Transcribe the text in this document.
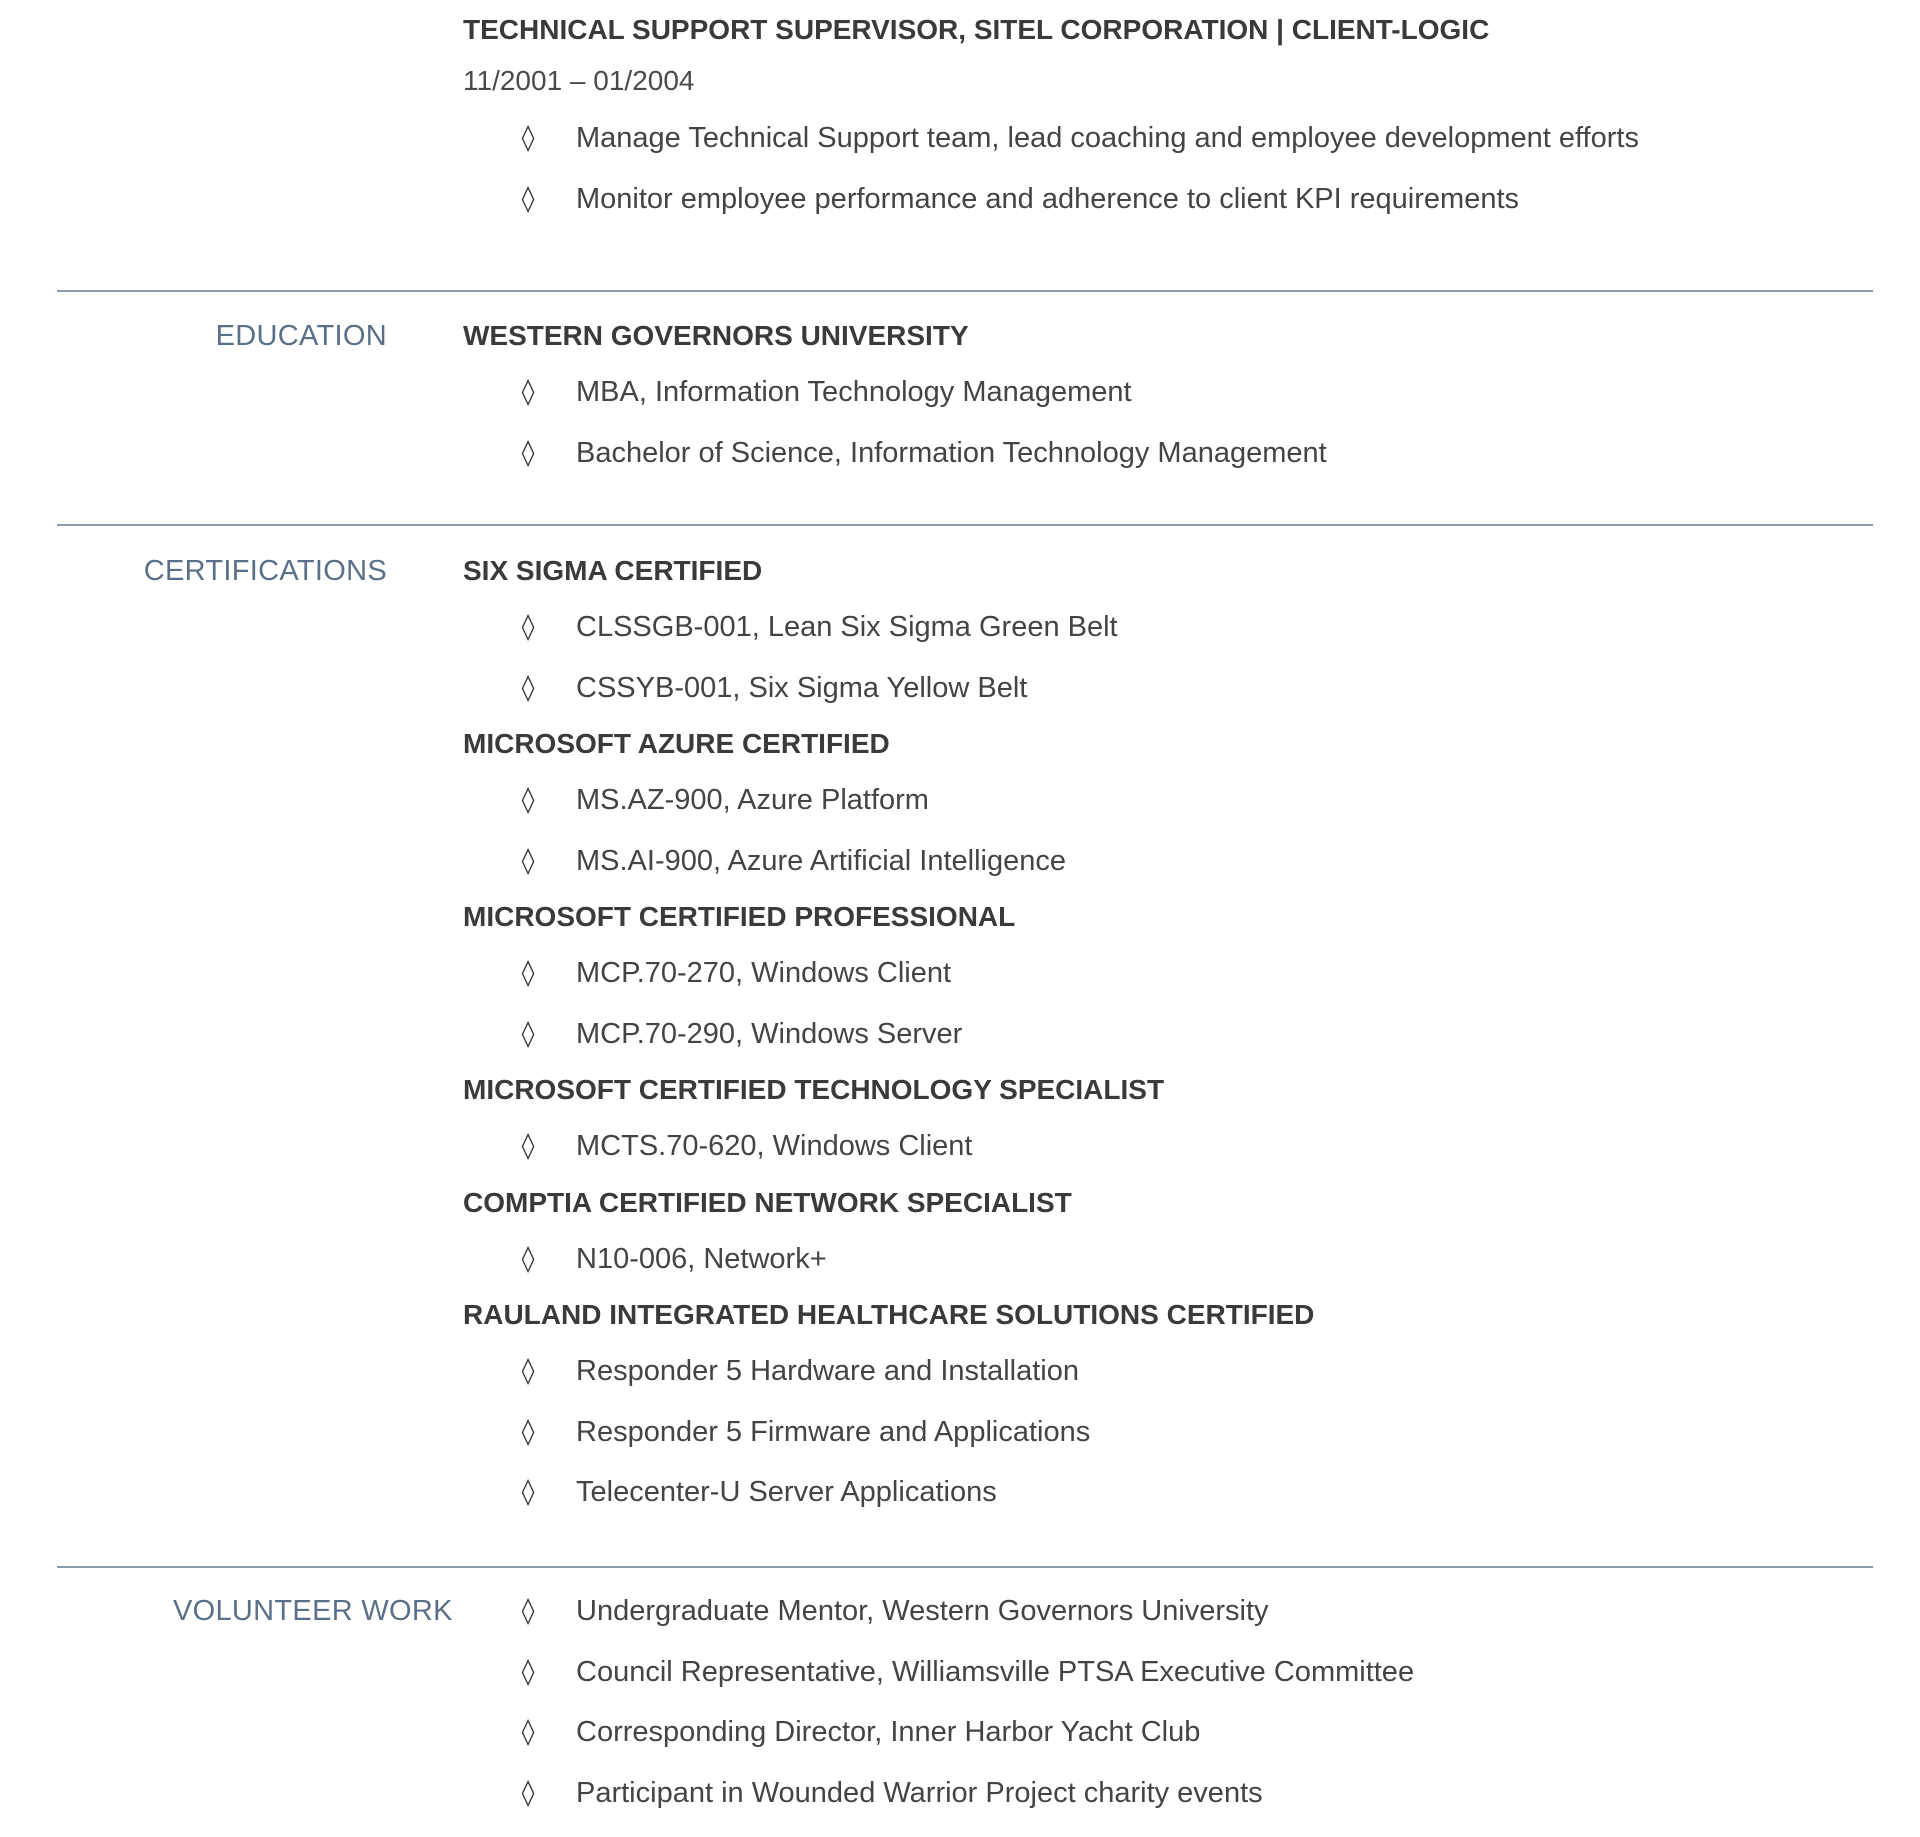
TECHNICAL SUPPORT SUPERVISOR, SITEL CORPORATION | CLIENT-LOGIC
11/2001 – 01/2004
◊ Manage Technical Support team, lead coaching and employee development efforts
◊ Monitor employee performance and adherence to client KPI requirements
EDUCATION	WESTERN GOVERNORS UNIVERSITY
◊ MBA, Information Technology Management
◊ Bachelor of Science, Information Technology Management
CERTIFICATIONS	SIX SIGMA CERTIFIED
◊ CLSSGB-001, Lean Six Sigma Green Belt
◊ CSSYB-001, Six Sigma Yellow Belt
MICROSOFT AZURE CERTIFIED
◊ MS.AZ-900, Azure Platform
◊ MS.AI-900, Azure Artificial Intelligence
MICROSOFT CERTIFIED PROFESSIONAL
◊ MCP.70-270, Windows Client
◊ MCP.70-290, Windows Server
MICROSOFT CERTIFIED TECHNOLOGY SPECIALIST
◊ MCTS.70-620, Windows Client
COMPTIA CERTIFIED NETWORK SPECIALIST
◊ N10-006, Network+
RAULAND INTEGRATED HEALTHCARE SOLUTIONS CERTIFIED
◊ Responder 5 Hardware and Installation
◊ Responder 5 Firmware and Applications
◊ Telecenter-U Server Applications
VOLUNTEER WORK	◊ Undergraduate Mentor, Western Governors University
◊ Council Representative, Williamsville PTSA Executive Committee
◊ Corresponding Director, Inner Harbor Yacht Club
◊ Participant in Wounded Warrior Project charity events
